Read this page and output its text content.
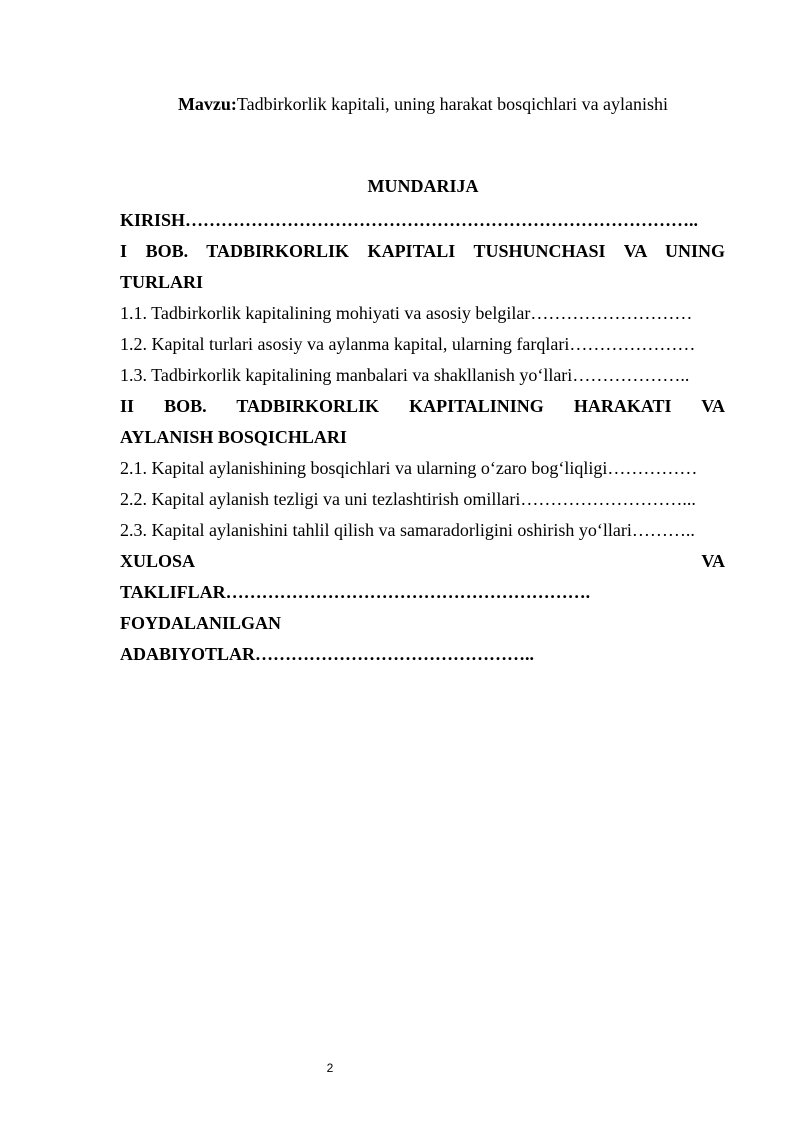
Mavzu:Tadbirkorlik kapitali, uning harakat bosqichlari va aylanishi
MUNDARIJA
KIRISH…………………………………………………………………………..
I BOB. TADBIRKORLIK KAPITALI TUSHUNCHASI VA UNING
TURLARI
1.1. Tadbirkorlik kapitalining mohiyati va asosiy belgilar………………………
1.2. Kapital turlari asosiy va aylanma kapital, ularning farqlari…………………
1.3. Tadbirkorlik kapitalining manbalari va shakllanish yo‘llari………………..
II BOB. TADBIRKORLIK KAPITALINING HARAKATI VA
AYLANISH BOSQICHLARI
2.1. Kapital aylanishining bosqichlari va ularning o‘zaro bog‘liqligi……………
2.2. Kapital aylanish tezligi va uni tezlashtirish omillari………………………...
2.3. Kapital aylanishini tahlil qilish va samaradorligini oshirish yo‘llari………..
XULOSA VA
TAKLIFLAR…………………………………………………….
FOYDALANILGAN
ADABIYOTLAR………………………………………..
2
